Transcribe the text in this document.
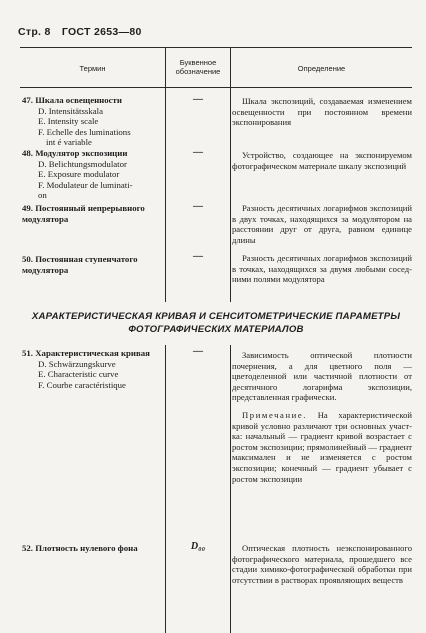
Стр. 8 ГОСТ 2653—80
Термин
Буквенное обозначение	Определение
47. Шкала освещенности
D. Intensitätsskala
E. Intensity scale
F. Echelle des luminations
int é variable
—	Шкала экспозиций, создаваемая изменением освещенности при постоянном времени экспонирования
48. Модулятор экспозиции
D. Belichtungsmodulator
E. Exposure modulator
F. Modulateur de luminati-
on
—	Устройство, создающее на экспонируемом фотографическом материале шкалу экспозиций
49. Постоянный непрерывного модулятора
—	Разность десятичных логарифмов экспозиций в двух точках, находящихся за модулятором на расстоянии друг от друга, равном единице длины
50. Постоянная ступенчатого модулятора
—	Разность десятичных логарифмов экспозиций в точках, находящихся за двумя любыми соседними полями модулятора
ХАРАКТЕРИСТИЧЕСКАЯ КРИВАЯ И СЕНСИТОМЕТРИЧЕСКИЕ ПАРАМЕТРЫ ФОТОГРАФИЧЕСКИХ МАТЕРИАЛОВ
51. Характеристическая кривая
D. Schwärzungskurve
E. Characteristic curve
F. Courbe caractéristique
—	Зависимость оптической плотности почернения, а для цветного поля — цветоделенной или частичной плотности от десятичного логарифма экспозиции, представленная графически.
Примечание. На характеристической кривой условно различают три основных участка: начальный — градиент кривой возрастает с ростом экспозиции; прямолинейный — градиент максимален и не изменяется с ростом экспозиции; конечный — градиент убывает с ростом экспозиции
52. Плотность нулевого фона	D₀₀	Оптическая плотность неэкспонированного фотографического материала, прошедшего все стадии химико-фотографической обработки при отсутствии в растворах проявляющих веществ
